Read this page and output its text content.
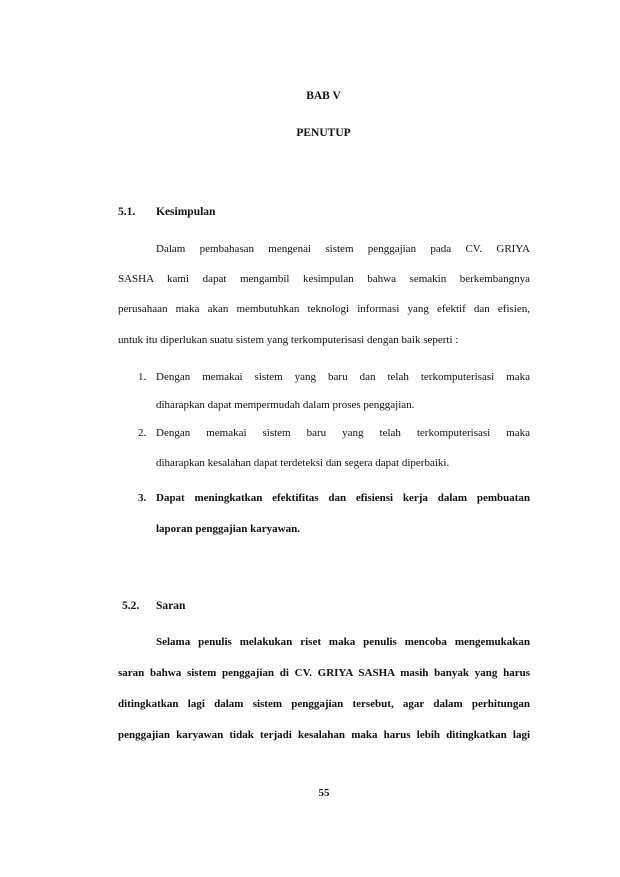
BAB V
PENUTUP
5.1. Kesimpulan
Dalam pembahasan mengenai sistem penggajian pada CV. GRIYA
SASHA kami dapat mengambil kesimpulan bahwa semakin berkembangnya
perusahaan maka akan membutuhkan teknologi informasi yang efektif dan efisien,
untuk itu diperlukan suatu sistem yang terkomputerisasi dengan baik seperti :
1. Dengan memakai sistem yang baru dan telah terkomputerisasi maka
diharapkan dapat mempermudah dalam proses penggajian.
2. Dengan memakai sistem baru yang telah terkomputerisasi maka
diharapkan kesalahan dapat terdeteksi dan segera dapat diperbaiki.
3. Dapat meningkatkan efektifitas dan efisiensi kerja dalam pembuatan
laporan penggajian karyawan.
5.2. Saran
Selama penulis melakukan riset maka penulis mencoba mengemukakan
saran bahwa sistem penggajian di CV. GRIYA SASHA masih banyak yang harus
ditingkatkan lagi dalam sistem penggajian tersebut, agar dalam perhitungan
penggajian karyawan tidak terjadi kesalahan maka harus lebih ditingkatkan lagi
55
